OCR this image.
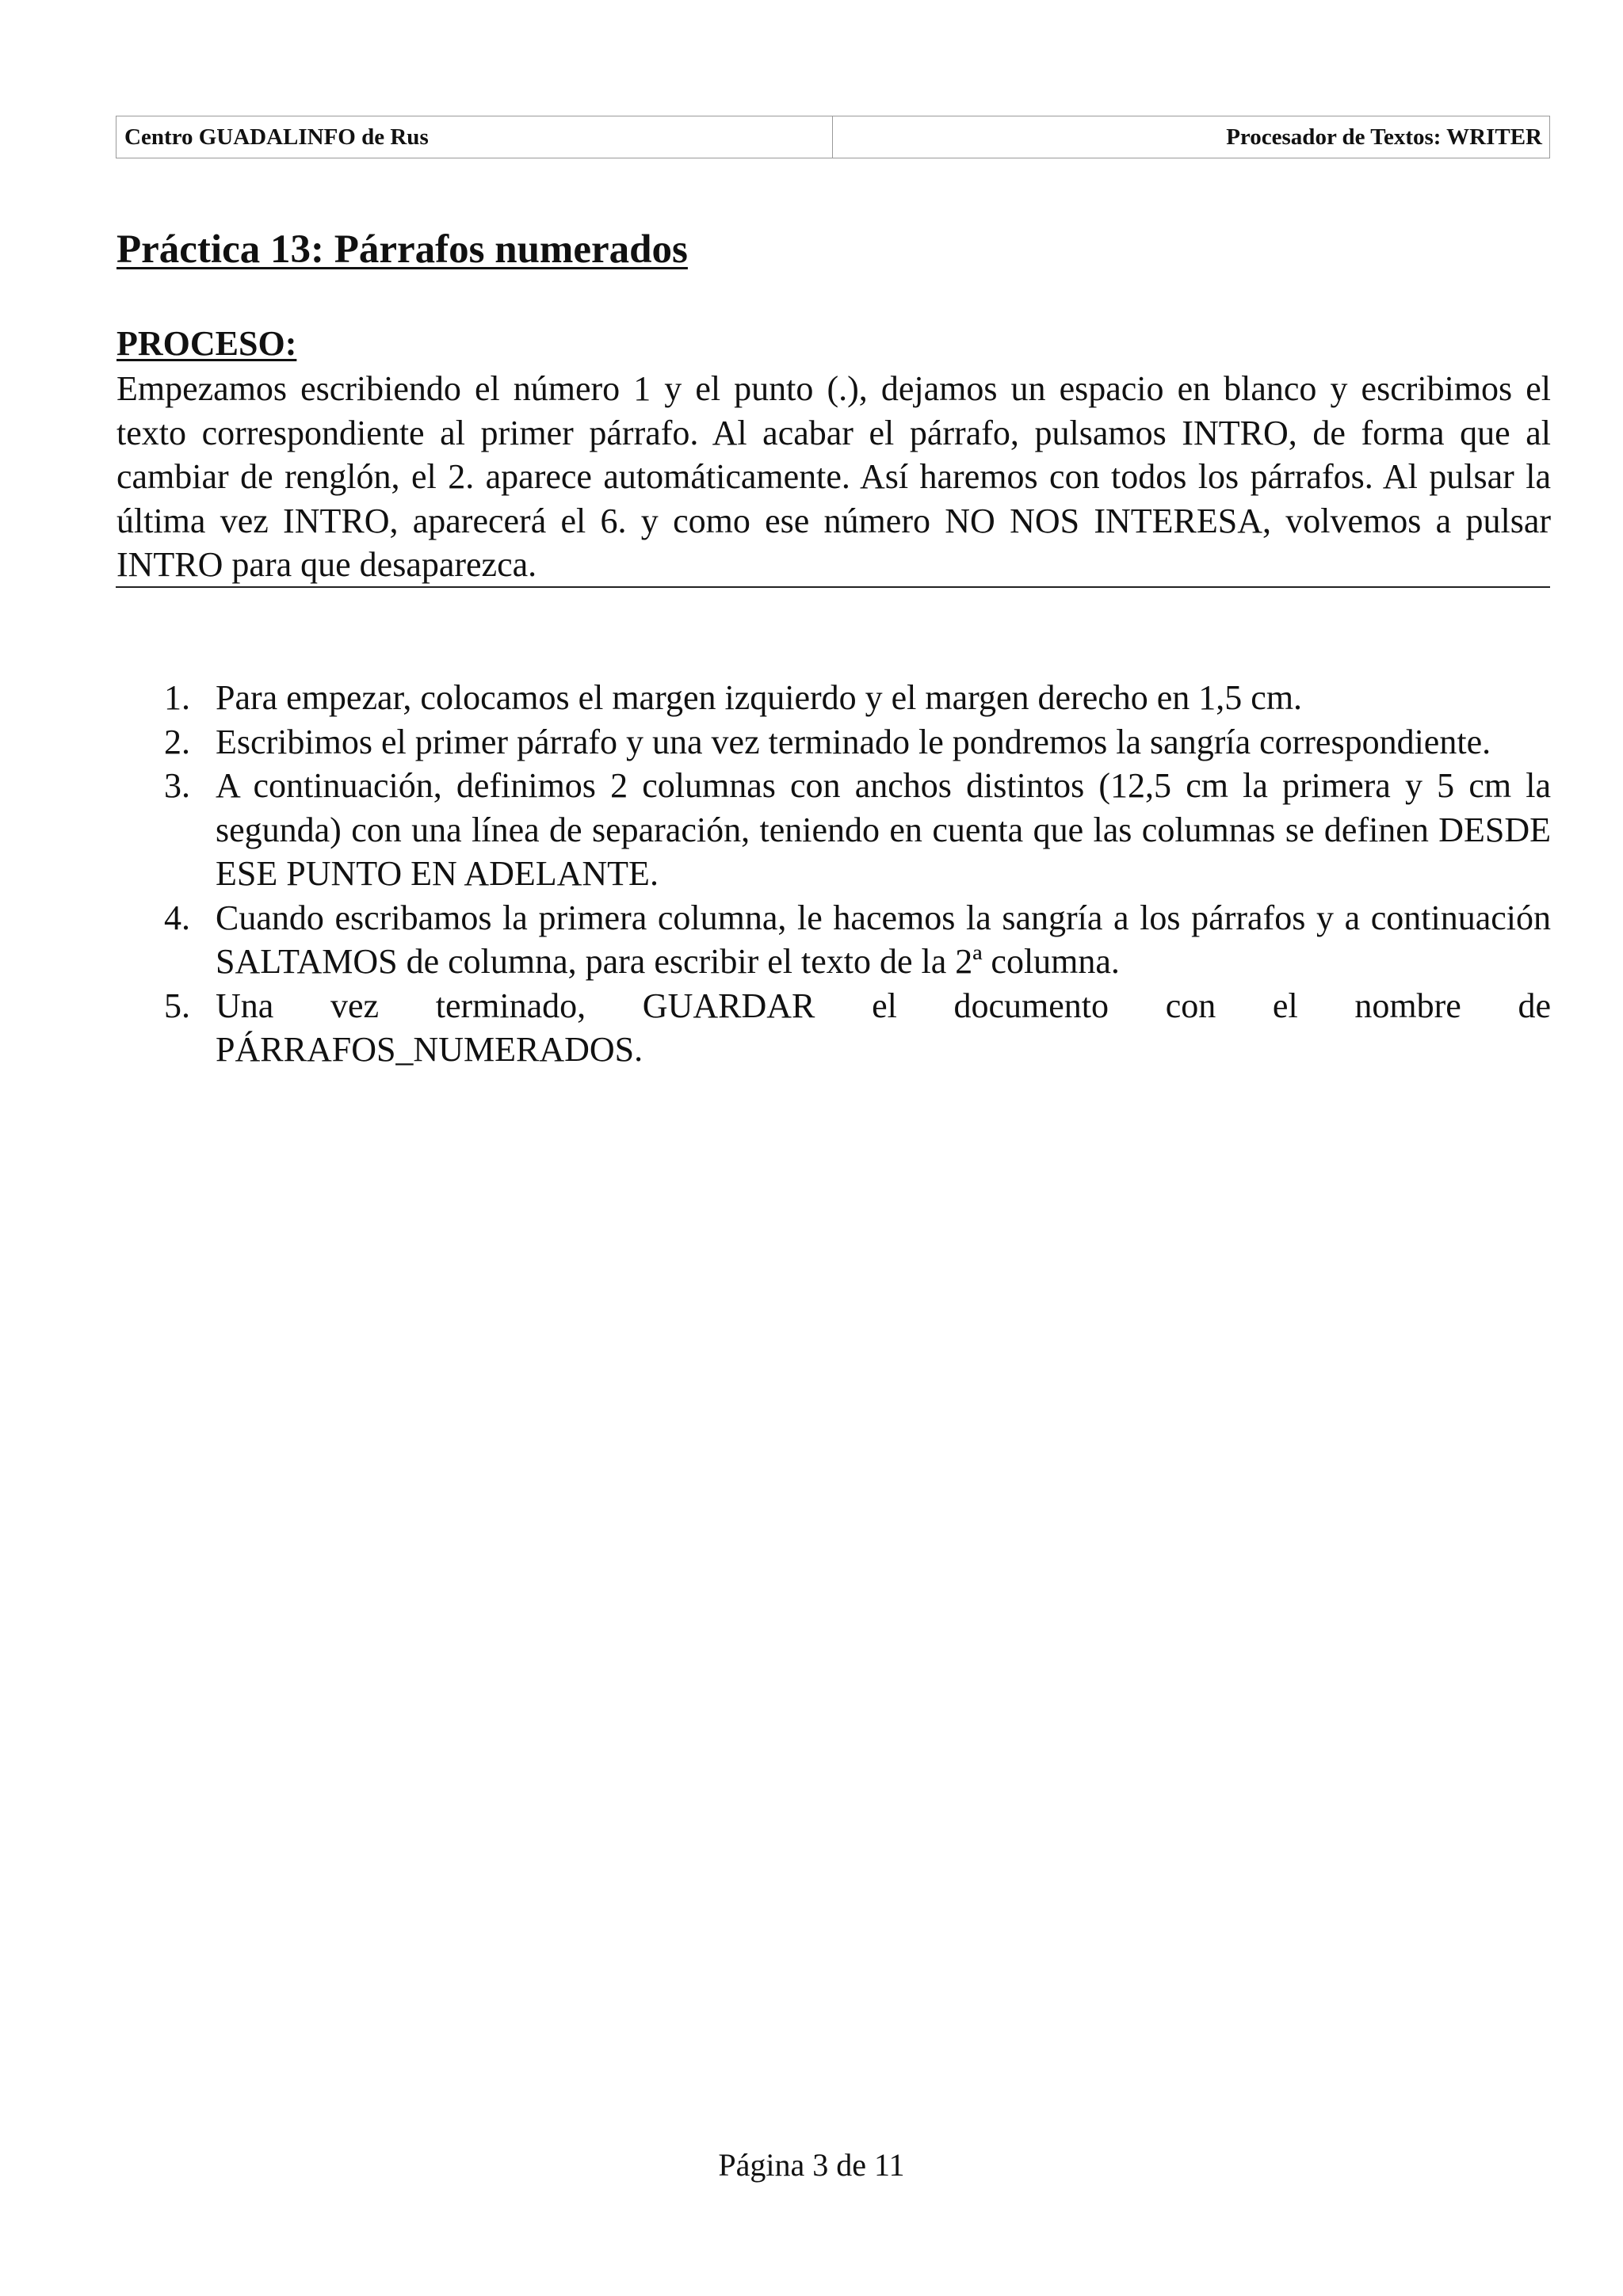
Centro GUADALINFO de Rus	Procesador de Textos: WRITER
Práctica 13: Párrafos numerados
PROCESO:

Empezamos escribiendo el número 1 y el punto (.), dejamos un espacio en blanco y escribimos el texto correspondiente al primer párrafo. Al acabar el párrafo, pulsamos INTRO, de forma que al cambiar de renglón, el 2. aparece automáticamente. Así haremos con todos los párrafos. Al pulsar la última vez INTRO, aparecerá el 6. y como ese número NO NOS INTERESA, volvemos a pulsar INTRO para que desaparezca.

1. Para empezar, colocamos el margen izquierdo y el margen derecho en 1,5 cm.
2. Escribimos el primer párrafo y una vez terminado le pondremos la sangría correspondiente.
3. A continuación, definimos 2 columnas con anchos distintos (12,5 cm la primera y 5 cm la segunda) con una línea de separación, teniendo en cuenta que las columnas se definen DESDE ESE PUNTO EN ADELANTE.
4. Cuando escribamos la primera columna, le hacemos la sangría a los párrafos y a continuación SALTAMOS de columna, para escribir el texto de la 2ª columna.
5. Una vez terminado, GUARDAR el documento con el nombre de PÁRRAFOS_NUMERADOS.
Página 3 de 11
